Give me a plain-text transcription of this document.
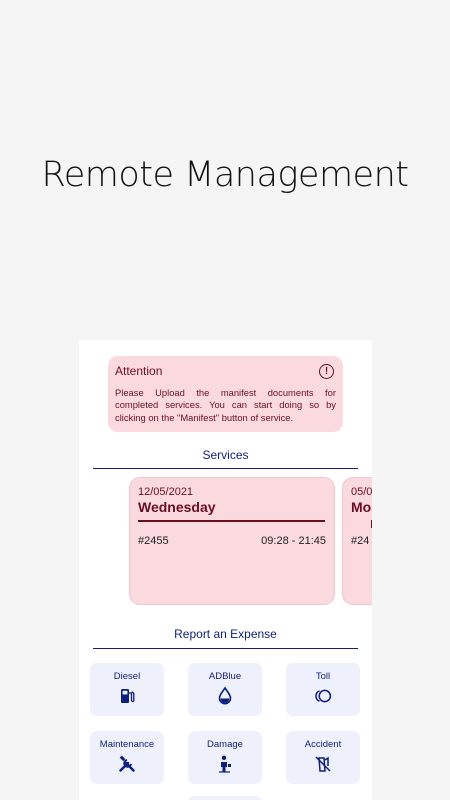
Remote Management
Attention	!
Please Upload the manifest documents for completed services. You can start doing so by clicking on the "Manifest" button of service.
Services
12/05/2021
Wednesday
#2455	09:28 - 21:45
05/0
Mo
#24
Report an Expense
Diesel	ADBlue	Toll
Maintenance	Damage	Accident
